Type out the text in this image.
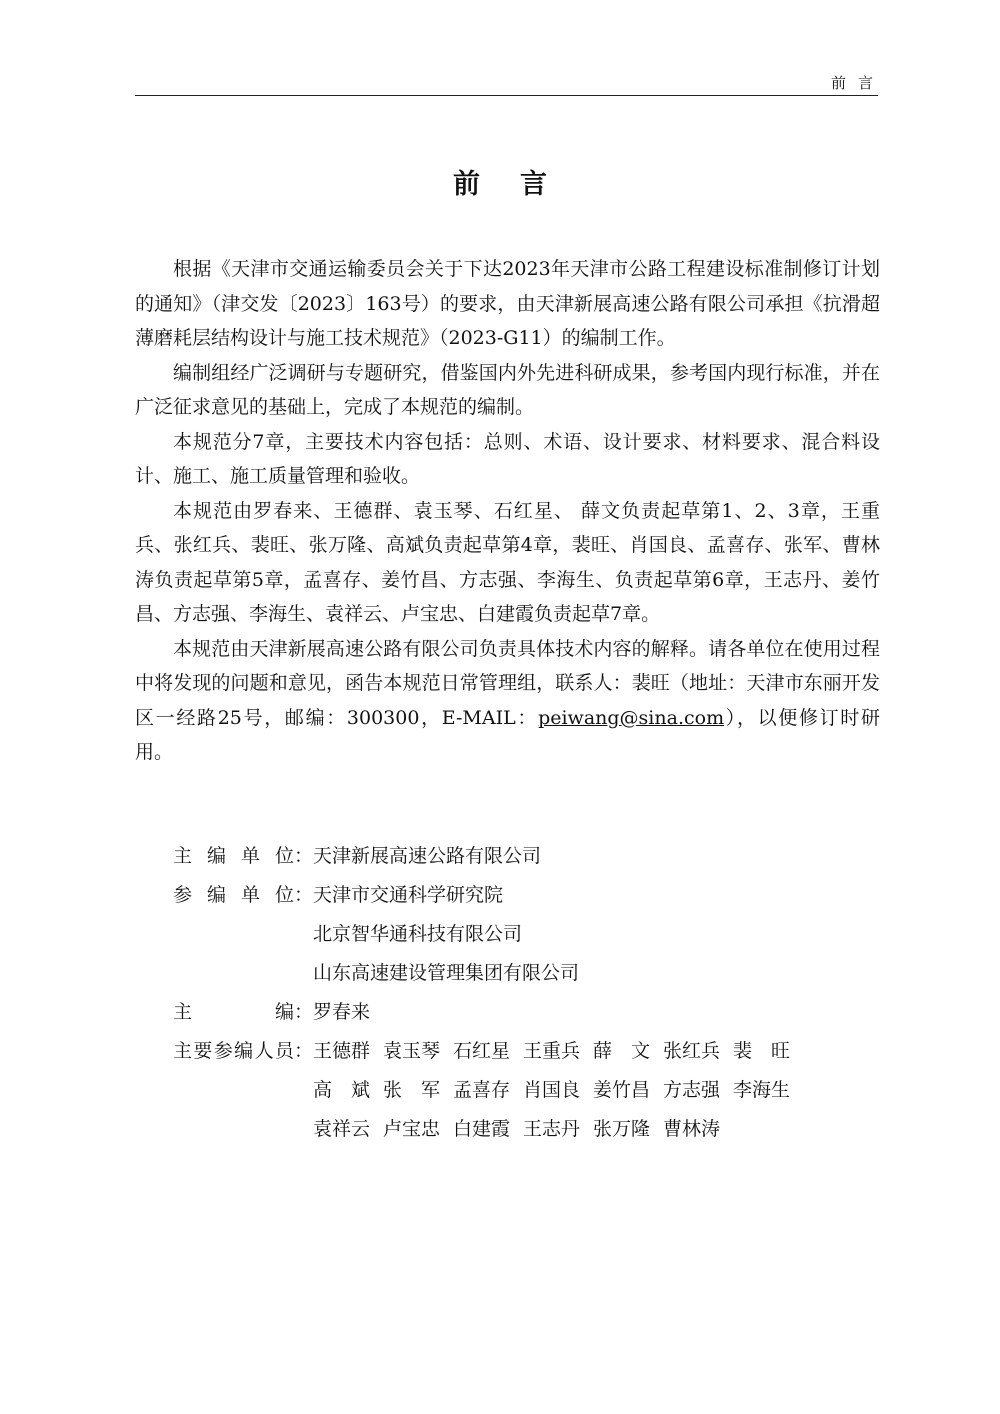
前言
前言

根据《天津市交通运输委员会关于下达2023年天津市公路工程建设标准制修订计划的通知》（津交发〔2023〕163号）的要求，由天津新展高速公路有限公司承担《抗滑超薄磨耗层结构设计与施工技术规范》（2023-G11）的编制工作。

编制组经广泛调研与专题研究，借鉴国内外先进科研成果，参考国内现行标准，并在广泛征求意见的基础上，完成了本规范的编制。

本规范分7章，主要技术内容包括：总则、术语、设计要求、材料要求、混合料设计、施工、施工质量管理和验收。

本规范由罗春来、王德群、袁玉琴、石红星、 薛文负责起草第1、2、3章，王重兵、张红兵、裴旺、张万隆、高斌负责起草第4章，裴旺、肖国良、孟喜存、张军、曹林涛负责起草第5章，孟喜存、姜竹昌、方志强、李海生、负责起草第6章，王志丹、姜竹昌、方志强、李海生、袁祥云、卢宝忠、白建霞负责起草7章。

本规范由天津新展高速公路有限公司负责具体技术内容的解释。请各单位在使用过程中将发现的问题和意见，函告本规范日常管理组，联系人：裴旺（地址：天津市东丽开发区一经路25号，邮编：300300，E-MAIL：peiwang@sina.com），以便修订时研用。

主 编 单 位： 天津新展高速公路有限公司
参 编 单 位： 天津市交通科学研究院
北京智华通科技有限公司
山东高速建设管理集团有限公司
主	编： 罗春来
主 要 参 编 人 员： 王德群 袁玉琴 石红星 王重兵 薛 文 张红兵 裴 旺
高 斌 张 军 孟喜存 肖国良 姜竹昌 方志强 李海生
袁祥云 卢宝忠 白建霞 王志丹 张万隆 曹林涛
